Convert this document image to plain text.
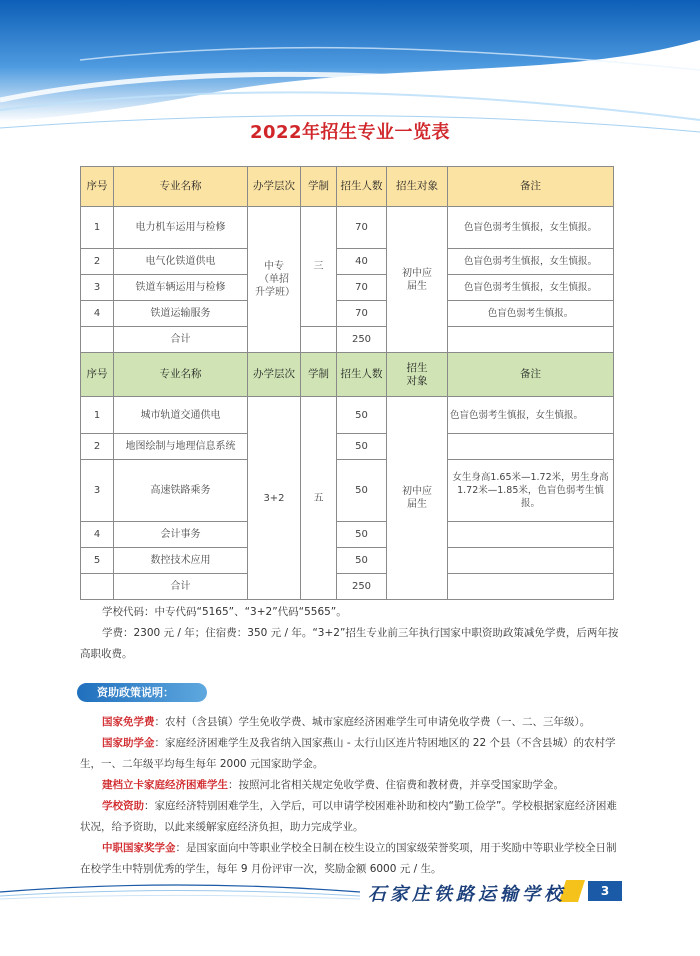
2022年招生专业一览表
序号	专业名称	办学层次	学制	招生人数	招生对象	备注
1	电力机车运用与检修	中专（单招升学班）	三	70	初中应届生	色盲色弱考生慎报，女生慎报。
2	电气化铁道供电			40		色盲色弱考生慎报，女生慎报。
3	铁道车辆运用与检修			70		色盲色弱考生慎报，女生慎报。
4	铁道运输服务			70		色盲色弱考生慎报。
	合计			250		
序号	专业名称	办学层次	学制	招生人数	招生对象	备注
1	城市轨道交通供电	3+2	五	50	初中应届生	色盲色弱考生慎报，女生慎报。
2	地图绘制与地理信息系统			50		
3	高速铁路乘务			50		女生身高1.65米—1.72米，男生身高1.72米—1.85米，色盲色弱考生慎报。
4	会计事务			50		
5	数控技术应用			50		
	合计			250		
学校代码：中专代码“5165”、“3+2”代码“5565”。

学费：2300 元 / 年；住宿费：350 元 / 年。“3+2”招生专业前三年执行国家中职资助政策减免学费，后两年按高职收费。

资助政策说明：

国家免学费：农村（含县镇）学生免收学费、城市家庭经济困难学生可申请免收学费（一、二、三年级）。

国家助学金：家庭经济困难学生及我省纳入国家燕山 - 太行山区连片特困地区的 22 个县（不含县城）的农村学生，一、二年级平均每生每年 2000 元国家助学金。

建档立卡家庭经济困难学生：按照河北省相关规定免收学费、住宿费和教材费，并享受国家助学金。

学校资助：家庭经济特别困难学生，入学后，可以申请学校困难补助和校内“勤工俭学”。学校根据家庭经济困难状况，给予资助，以此来缓解家庭经济负担，助力完成学业。

中职国家奖学金：是国家面向中等职业学校全日制在校生设立的国家级荣誉奖项，用于奖励中等职业学校全日制在校学生中特别优秀的学生，每年 9 月份评审一次，奖励金额 6000 元 / 生。

石家庄铁路运输学校	3
